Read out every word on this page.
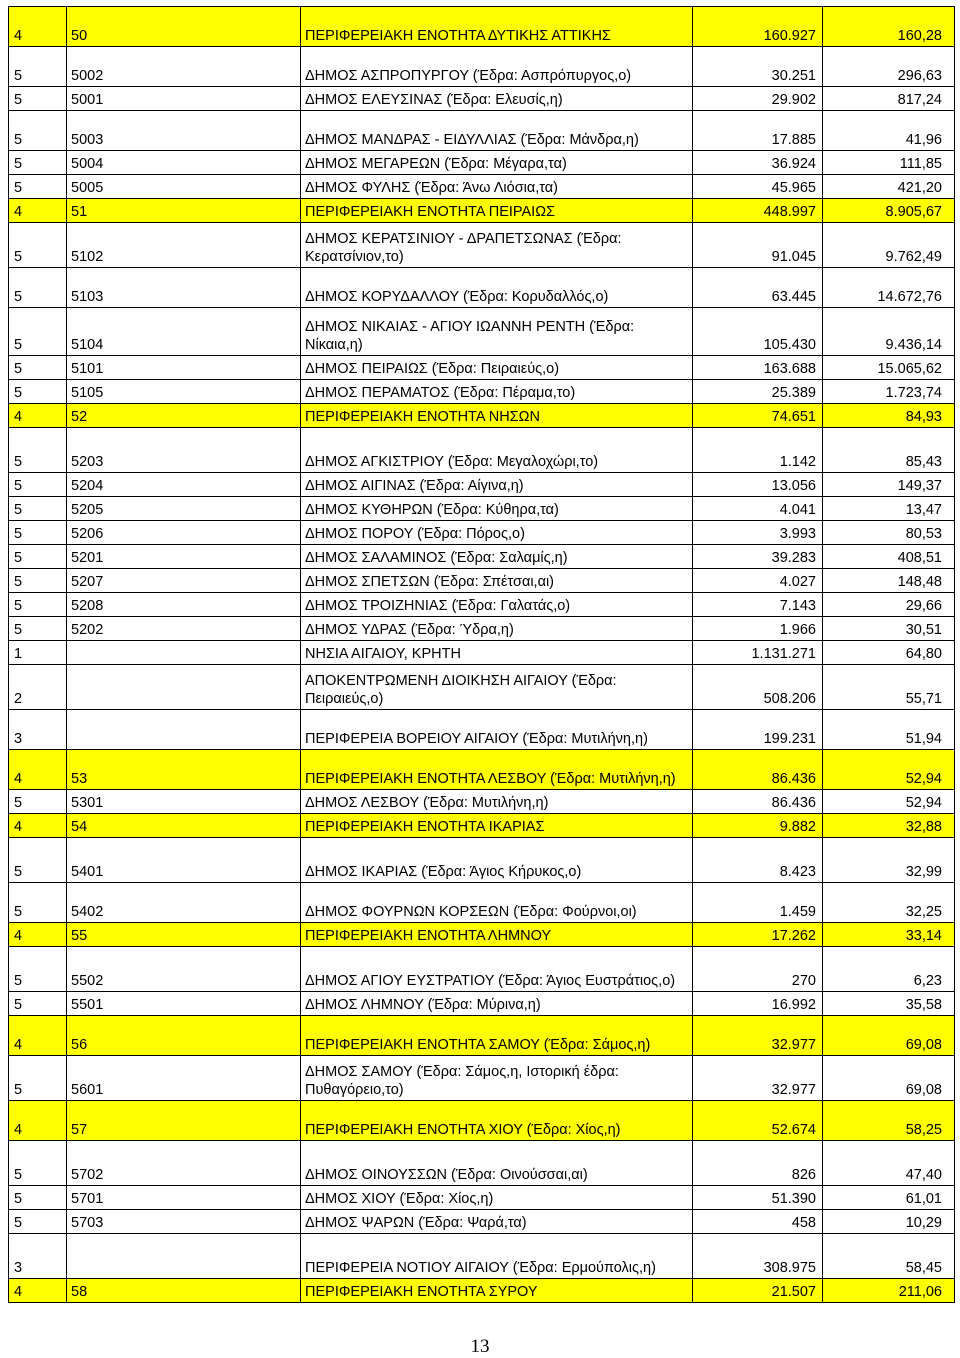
4	50	ΠΕΡΙΦΕΡΕΙΑΚΗ ΕΝΟΤΗΤΑ ΔΥΤΙΚΗΣ ΑΤΤΙΚΗΣ	160.927	160,28
5	5002	ΔΗΜΟΣ ΑΣΠΡΟΠΥΡΓΟΥ (Έδρα: Ασπρόπυργος,ο)	30.251	296,63
5	5001	ΔΗΜΟΣ ΕΛΕΥΣΙΝΑΣ (Έδρα: Ελευσίς,η)	29.902	817,24
5	5003	ΔΗΜΟΣ ΜΑΝΔΡΑΣ - ΕΙΔΥΛΛΙΑΣ (Έδρα: Μάνδρα,η)	17.885	41,96
5	5004	ΔΗΜΟΣ ΜΕΓΑΡΕΩΝ (Έδρα: Μέγαρα,τα)	36.924	111,85
5	5005	ΔΗΜΟΣ ΦΥΛΗΣ (Έδρα: Άνω Λιόσια,τα)	45.965	421,20
4	51	ΠΕΡΙΦΕΡΕΙΑΚΗ ΕΝΟΤΗΤΑ ΠΕΙΡΑΙΩΣ	448.997	8.905,67
5	5102	ΔΗΜΟΣ ΚΕΡΑΤΣΙΝΙΟΥ - ΔΡΑΠΕΤΣΩΝΑΣ (Έδρα: Κερατσίνιον,το)	91.045	9.762,49
5	5103	ΔΗΜΟΣ ΚΟΡΥΔΑΛΛΟΥ (Έδρα: Κορυδαλλός,ο)	63.445	14.672,76
5	5104	ΔΗΜΟΣ ΝΙΚΑΙΑΣ - ΑΓΙΟΥ ΙΩΑΝΝΗ ΡΕΝΤΗ (Έδρα: Νίκαια,η)	105.430	9.436,14
5	5101	ΔΗΜΟΣ ΠΕΙΡΑΙΩΣ (Έδρα: Πειραιεύς,ο)	163.688	15.065,62
5	5105	ΔΗΜΟΣ ΠΕΡΑΜΑΤΟΣ (Έδρα: Πέραμα,το)	25.389	1.723,74
4	52	ΠΕΡΙΦΕΡΕΙΑΚΗ ΕΝΟΤΗΤΑ ΝΗΣΩΝ	74.651	84,93
5	5203	ΔΗΜΟΣ ΑΓΚΙΣΤΡΙΟΥ (Έδρα: Μεγαλοχώρι,το)	1.142	85,43
5	5204	ΔΗΜΟΣ ΑΙΓΙΝΑΣ (Έδρα: Αίγινα,η)	13.056	149,37
5	5205	ΔΗΜΟΣ ΚΥΘΗΡΩΝ (Έδρα: Κύθηρα,τα)	4.041	13,47
5	5206	ΔΗΜΟΣ ΠΟΡΟΥ (Έδρα: Πόρος,ο)	3.993	80,53
5	5201	ΔΗΜΟΣ ΣΑΛΑΜΙΝΟΣ (Έδρα: Σαλαμίς,η)	39.283	408,51
5	5207	ΔΗΜΟΣ ΣΠΕΤΣΩΝ (Έδρα: Σπέτσαι,αι)	4.027	148,48
5	5208	ΔΗΜΟΣ ΤΡΟΙΖΗΝΙΑΣ (Έδρα: Γαλατάς,ο)	7.143	29,66
5	5202	ΔΗΜΟΣ ΥΔΡΑΣ (Έδρα: Ύδρα,η)	1.966	30,51
1		ΝΗΣΙΑ ΑΙΓΑΙΟΥ, ΚΡΗΤΗ	1.131.271	64,80
2		ΑΠΟΚΕΝΤΡΩΜΕΝΗ ΔΙΟΙΚΗΣΗ ΑΙΓΑΙΟΥ (Έδρα: Πειραιεύς,ο)	508.206	55,71
3		ΠΕΡΙΦΕΡΕΙΑ ΒΟΡΕΙΟΥ ΑΙΓΑΙΟΥ (Έδρα: Μυτιλήνη,η)	199.231	51,94
4	53	ΠΕΡΙΦΕΡΕΙΑΚΗ ΕΝΟΤΗΤΑ ΛΕΣΒΟΥ (Έδρα: Μυτιλήνη,η)	86.436	52,94
5	5301	ΔΗΜΟΣ ΛΕΣΒΟΥ (Έδρα: Μυτιλήνη,η)	86.436	52,94
4	54	ΠΕΡΙΦΕΡΕΙΑΚΗ ΕΝΟΤΗΤΑ ΙΚΑΡΙΑΣ	9.882	32,88
5	5401	ΔΗΜΟΣ ΙΚΑΡΙΑΣ (Έδρα: Άγιος Κήρυκος,ο)	8.423	32,99
5	5402	ΔΗΜΟΣ ΦΟΥΡΝΩΝ ΚΟΡΣΕΩΝ (Έδρα: Φούρνοι,οι)	1.459	32,25
4	55	ΠΕΡΙΦΕΡΕΙΑΚΗ ΕΝΟΤΗΤΑ ΛΗΜΝΟΥ	17.262	33,14
5	5502	ΔΗΜΟΣ ΑΓΙΟΥ ΕΥΣΤΡΑΤΙΟΥ (Έδρα: Άγιος Ευστράτιος,ο)	270	6,23
5	5501	ΔΗΜΟΣ ΛΗΜΝΟΥ (Έδρα: Μύρινα,η)	16.992	35,58
4	56	ΠΕΡΙΦΕΡΕΙΑΚΗ ΕΝΟΤΗΤΑ ΣΑΜΟΥ (Έδρα: Σάμος,η)	32.977	69,08
5	5601	ΔΗΜΟΣ ΣΑΜΟΥ (Έδρα: Σάμος,η, Ιστορική έδρα: Πυθαγόρειο,το)	32.977	69,08
4	57	ΠΕΡΙΦΕΡΕΙΑΚΗ ΕΝΟΤΗΤΑ ΧΙΟΥ (Έδρα: Χίος,η)	52.674	58,25
5	5702	ΔΗΜΟΣ ΟΙΝΟΥΣΣΩΝ (Έδρα: Οινούσσαι,αι)	826	47,40
5	5701	ΔΗΜΟΣ ΧΙΟΥ (Έδρα: Χίος,η)	51.390	61,01
5	5703	ΔΗΜΟΣ ΨΑΡΩΝ (Έδρα: Ψαρά,τα)	458	10,29
3		ΠΕΡΙΦΕΡΕΙΑ ΝΟΤΙΟΥ ΑΙΓΑΙΟΥ (Έδρα: Ερμούπολις,η)	308.975	58,45
4	58	ΠΕΡΙΦΕΡΕΙΑΚΗ ΕΝΟΤΗΤΑ ΣΥΡΟΥ	21.507	211,06
13
